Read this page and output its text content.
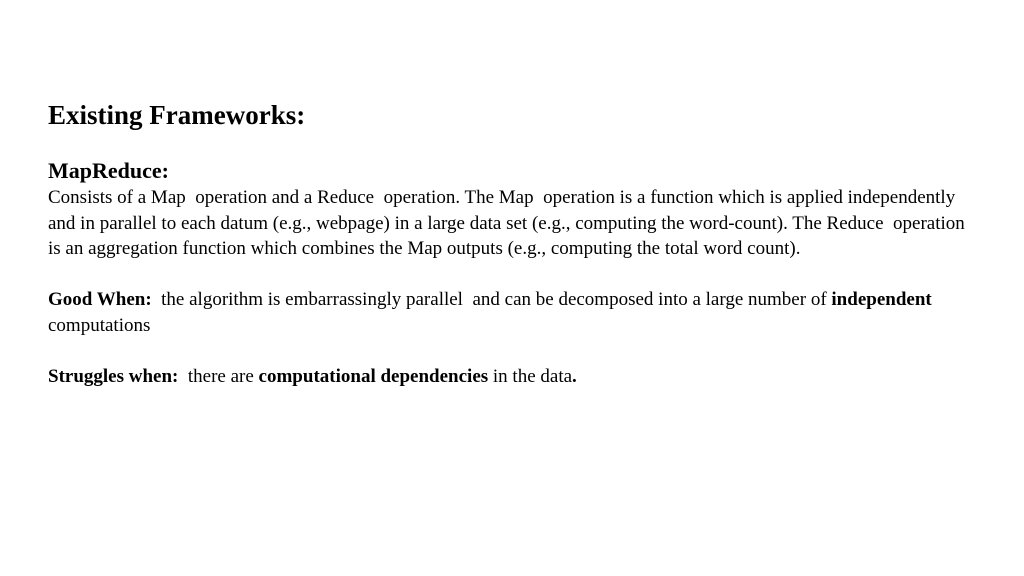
Existing Frameworks:
MapReduce:

Consists of a Map  operation and a Reduce  operation. The Map  operation is a function which is applied independently and in parallel to each datum (e.g., webpage) in a large data set (e.g., computing the word-count). The Reduce  operation is an aggregation function which combines the Map outputs (e.g., computing the total word count).

Good When:  the algorithm is embarrassingly parallel  and can be decomposed into a large number of independent computations

Struggles when:  there are computational dependencies in the data.
